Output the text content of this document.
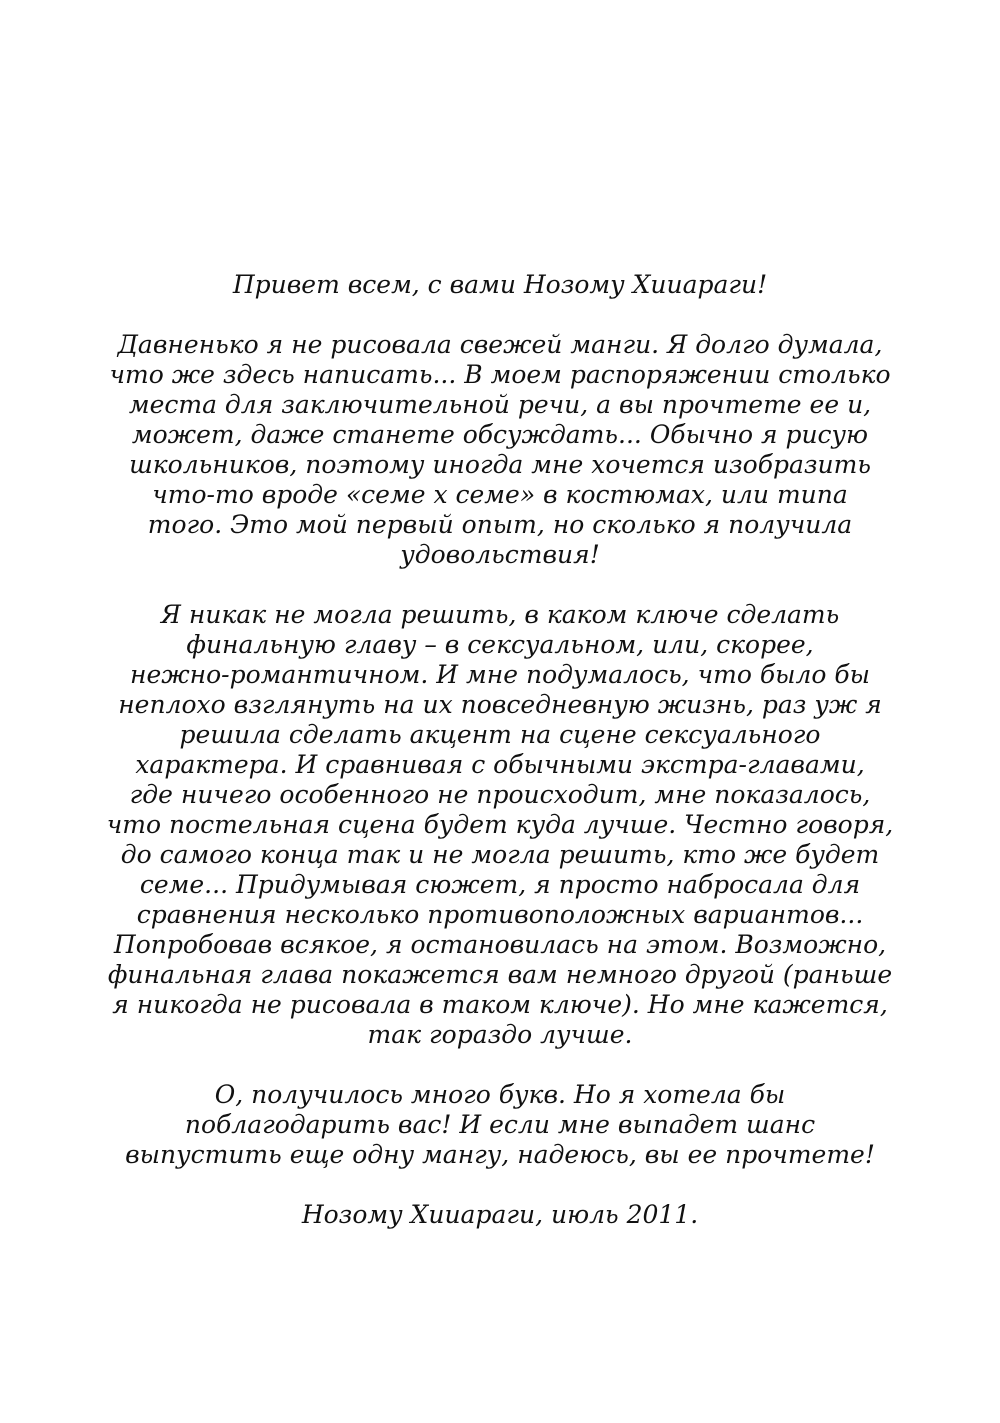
Привет всем, с вами Нозому Хииараги!

Давненько я не рисовала свежей манги. Я долго думала,
что же здесь написать... В моем распоряжении столько
места для заключительной речи, а вы прочтете ее и,
может, даже станете обсуждать... Обычно я рисую
школьников, поэтому иногда мне хочется изобразить
что-то вроде «семе х семе» в костюмах, или типа
того. Это мой первый опыт, но сколько я получила
удовольствия!

Я никак не могла решить, в каком ключе сделать
финальную главу – в сексуальном, или, скорее,
нежно-романтичном. И мне подумалось, что было бы
неплохо взглянуть на их повседневную жизнь, раз уж я
решила сделать акцент на сцене сексуального
характера. И сравнивая с обычными экстра-главами,
где ничего особенного не происходит, мне показалось,
что постельная сцена будет куда лучше. Честно говоря,
до самого конца так и не могла решить, кто же будет
семе... Придумывая сюжет, я просто набросала для
сравнения несколько противоположных вариантов...
Попробовав всякое, я остановилась на этом. Возможно,
финальная глава покажется вам немного другой (раньше
я никогда не рисовала в таком ключе). Но мне кажется,
так гораздо лучше.

О, получилось много букв. Но я хотела бы
поблагодарить вас! И если мне выпадет шанс
выпустить еще одну мангу, надеюсь, вы ее прочтете!

Нозому Хииараги, июль 2011.
